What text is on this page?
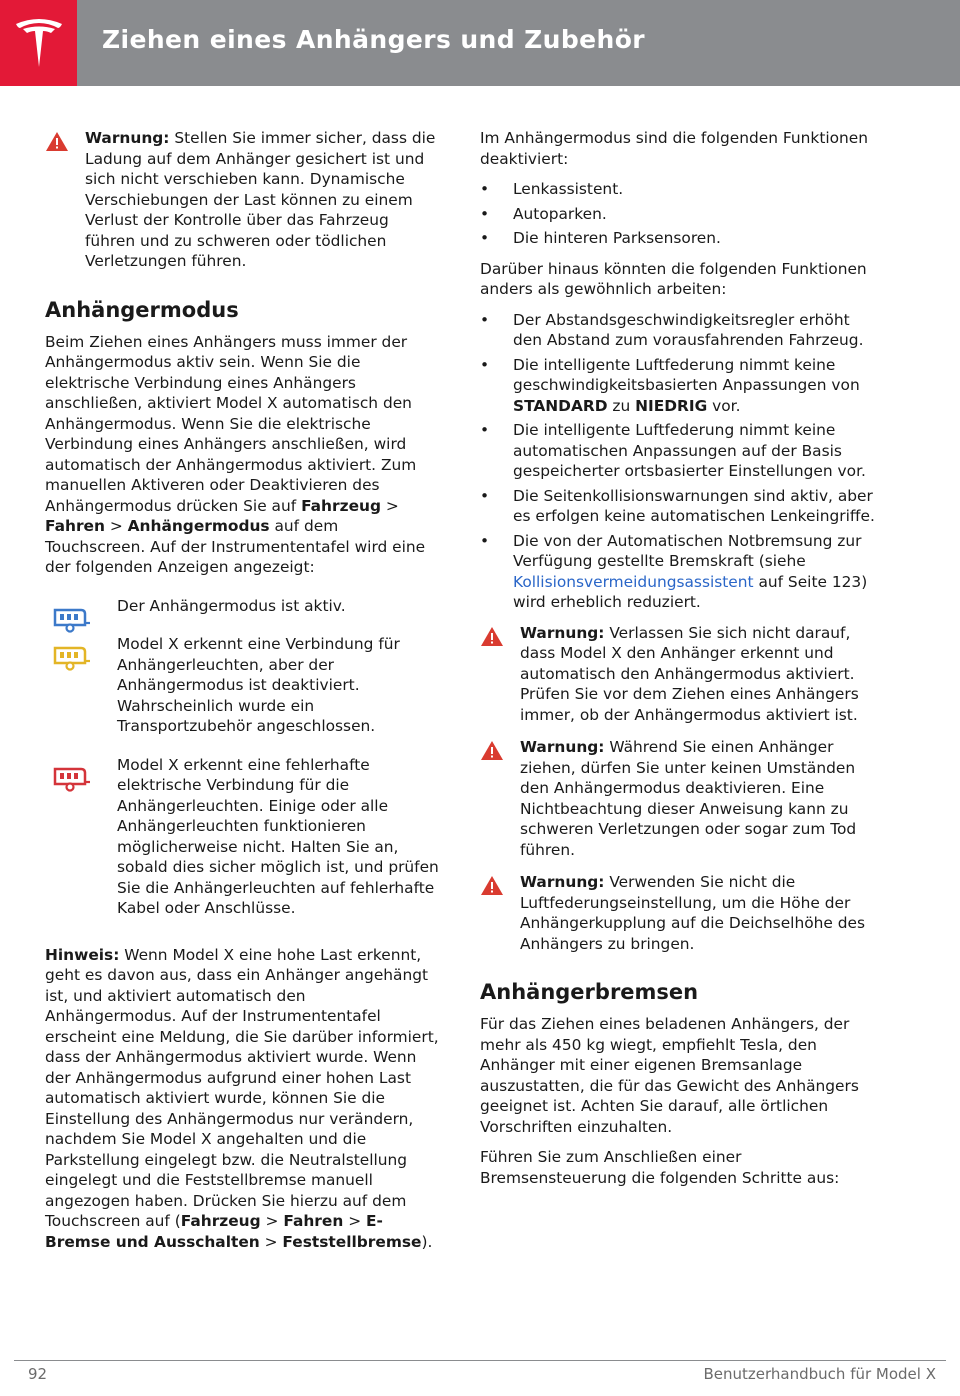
Ziehen eines Anhängers und Zubehör
Warnung: Stellen Sie immer sicher, dass die Ladung auf dem Anhänger gesichert ist und sich nicht verschieben kann. Dynamische Verschiebungen der Last können zu einem Verlust der Kontrolle über das Fahrzeug führen und zu schweren oder tödlichen Verletzungen führen.
Anhängermodus

Beim Ziehen eines Anhängers muss immer der Anhängermodus aktiv sein. Wenn Sie die elektrische Verbindung eines Anhängers anschließen, aktiviert Model X automatisch den Anhängermodus. Wenn Sie die elektrische Verbindung eines Anhängers anschließen, wird automatisch der Anhängermodus aktiviert. Zum manuellen Aktiveren oder Deaktivieren des Anhängermodus drücken Sie auf Fahrzeug > Fahren > Anhängermodus auf dem Touchscreen. Auf der Instrumententafel wird eine der folgenden Anzeigen angezeigt:

Der Anhängermodus ist aktiv.
Model X erkennt eine Verbindung für Anhängerleuchten, aber der Anhängermodus ist deaktiviert. Wahrscheinlich wurde ein Transportzubehör angeschlossen.
Model X erkennt eine fehlerhafte elektrische Verbindung für die Anhängerleuchten. Einige oder alle Anhängerleuchten funktionieren möglicherweise nicht. Halten Sie an, sobald dies sicher möglich ist, und prüfen Sie die Anhängerleuchten auf fehlerhafte Kabel oder Anschlüsse.

Hinweis: Wenn Model X eine hohe Last erkennt, geht es davon aus, dass ein Anhänger angehängt ist, und aktiviert automatisch den Anhängermodus. Auf der Instrumententafel erscheint eine Meldung, die Sie darüber informiert, dass der Anhängermodus aktiviert wurde. Wenn der Anhängermodus aufgrund einer hohen Last automatisch aktiviert wurde, können Sie die Einstellung des Anhängermodus nur verändern, nachdem Sie Model X angehalten und die Parkstellung eingelegt bzw. die Neutralstellung eingelegt und die Feststellbremse manuell angezogen haben. Drücken Sie hierzu auf dem Touchscreen auf (Fahrzeug > Fahren > E-Bremse und Ausschalten > Feststellbremse).

Im Anhängermodus sind die folgenden Funktionen deaktiviert:

• Lenkassistent.
• Autoparken.
• Die hinteren Parksensoren.

Darüber hinaus könnten die folgenden Funktionen anders als gewöhnlich arbeiten:

• Der Abstandsgeschwindigkeitsregler erhöht den Abstand zum vorausfahrenden Fahrzeug.
• Die intelligente Luftfederung nimmt keine geschwindigkeitsbasierten Anpassungen von STANDARD zu NIEDRIG vor.
• Die intelligente Luftfederung nimmt keine automatischen Anpassungen auf der Basis gespeicherter ortsbasierter Einstellungen vor.
• Die Seitenkollisionswarnungen sind aktiv, aber es erfolgen keine automatischen Lenkeingriffe.
• Die von der Automatischen Notbremsung zur Verfügung gestellte Bremskraft (siehe Kollisionsvermeidungsassistent auf Seite 123) wird erheblich reduziert.
Warnung: Verlassen Sie sich nicht darauf, dass Model X den Anhänger erkennt und automatisch den Anhängermodus aktiviert. Prüfen Sie vor dem Ziehen eines Anhängers immer, ob der Anhängermodus aktiviert ist.
Warnung: Während Sie einen Anhänger ziehen, dürfen Sie unter keinen Umständen den Anhängermodus deaktivieren. Eine Nichtbeachtung dieser Anweisung kann zu schweren Verletzungen oder sogar zum Tod führen.
Warnung: Verwenden Sie nicht die Luftfederungseinstellung, um die Höhe der Anhängerkupplung auf die Deichselhöhe des Anhängers zu bringen.
Anhängerbremsen

Für das Ziehen eines beladenen Anhängers, der mehr als 450 kg wiegt, empfiehlt Tesla, den Anhänger mit einer eigenen Bremsanlage auszustatten, die für das Gewicht des Anhängers geeignet ist. Achten Sie darauf, alle örtlichen Vorschriften einzuhalten.

Führen Sie zum Anschließen einer Bremsensteuerung die folgenden Schritte aus:

92	Benutzerhandbuch für Model X
